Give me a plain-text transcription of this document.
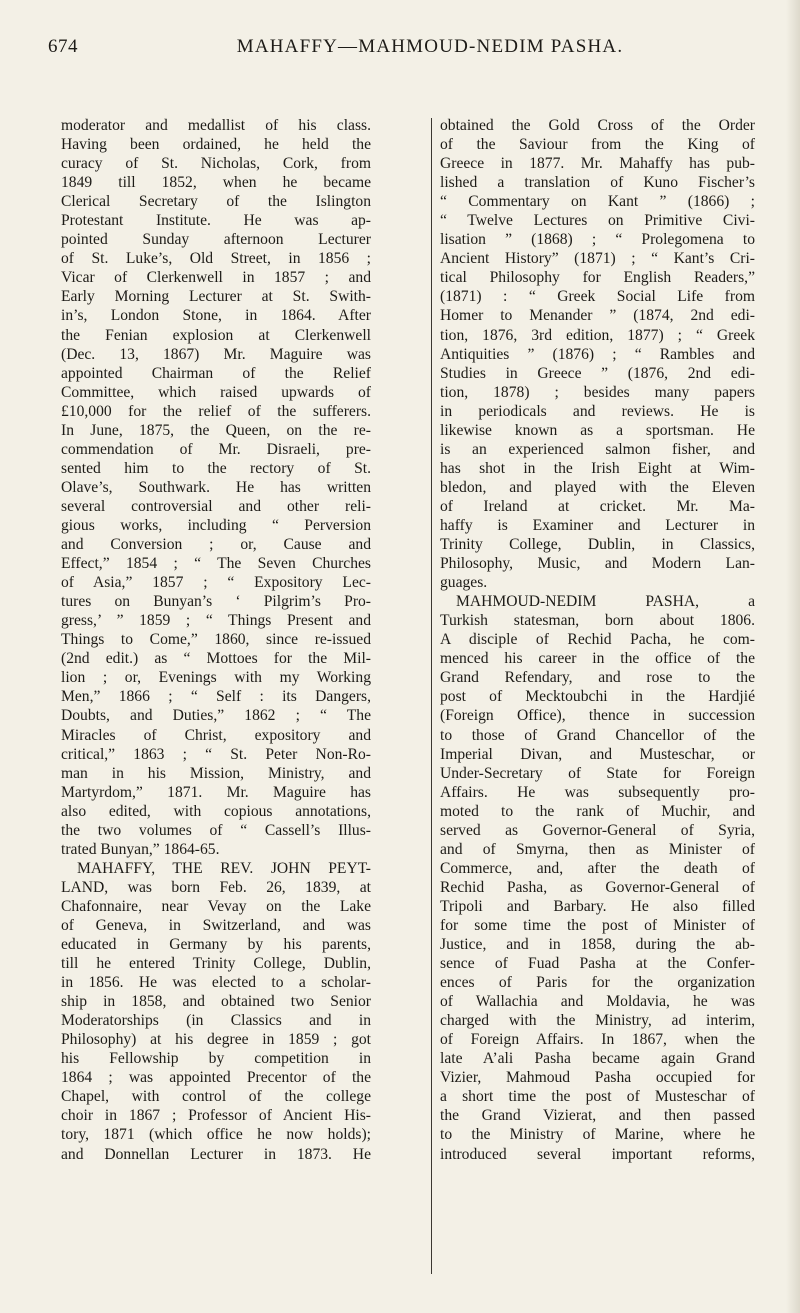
674	MAHAFFY—MAHMOUD-NEDIM PASHA.
moderator and medallist of his class.
Having been ordained, he held the
curacy of St. Nicholas, Cork, from
1849 till 1852, when he became
Clerical Secretary of the Islington
Protestant Institute. He was ap-
pointed Sunday afternoon Lecturer
of St. Luke’s, Old Street, in 1856 ;
Vicar of Clerkenwell in 1857 ; and
Early Morning Lecturer at St. Swith-
in’s, London Stone, in 1864. After
the Fenian explosion at Clerkenwell
(Dec. 13, 1867) Mr. Maguire was
appointed Chairman of the Relief
Committee, which raised upwards of
£10,000 for the relief of the sufferers.
In June, 1875, the Queen, on the re-
commendation of Mr. Disraeli, pre-
sented him to the rectory of St.
Olave’s, Southwark. He has written
several controversial and other reli-
gious works, including “ Perversion
and Conversion ; or, Cause and
Effect,” 1854 ; “ The Seven Churches
of Asia,” 1857 ; “ Expository Lec-
tures on Bunyan’s ‘ Pilgrim’s Pro-
gress,’ ” 1859 ; “ Things Present and
Things to Come,” 1860, since re-issued
(2nd edit.) as “ Mottoes for the Mil-
lion ; or, Evenings with my Working
Men,” 1866 ; “ Self : its Dangers,
Doubts, and Duties,” 1862 ; “ The
Miracles of Christ, expository and
critical,” 1863 ; “ St. Peter Non-Ro-
man in his Mission, Ministry, and
Martyrdom,” 1871. Mr. Maguire has
also edited, with copious annotations,
the two volumes of “ Cassell’s Illus-
trated Bunyan,” 1864-65.
MAHAFFY, THE REV. JOHN PEYT-
LAND, was born Feb. 26, 1839, at
Chafonnaire, near Vevay on the Lake
of Geneva, in Switzerland, and was
educated in Germany by his parents,
till he entered Trinity College, Dublin,
in 1856. He was elected to a scholar-
ship in 1858, and obtained two Senior
Moderatorships (in Classics and in
Philosophy) at his degree in 1859 ; got
his Fellowship by competition in
1864 ; was appointed Precentor of the
Chapel, with control of the college
choir in 1867 ; Professor of Ancient His-
tory, 1871 (which office he now holds);
and Donnellan Lecturer in 1873. He
obtained the Gold Cross of the Order
of the Saviour from the King of
Greece in 1877. Mr. Mahaffy has pub-
lished a translation of Kuno Fischer’s
“ Commentary on Kant ” (1866) ;
“ Twelve Lectures on Primitive Civi-
lisation ” (1868) ; “ Prolegomena to
Ancient History” (1871) ; “ Kant’s Cri-
tical Philosophy for English Readers,”
(1871) : “ Greek Social Life from
Homer to Menander ” (1874, 2nd edi-
tion, 1876, 3rd edition, 1877) ; “ Greek
Antiquities ” (1876) ; “ Rambles and
Studies in Greece ” (1876, 2nd edi-
tion, 1878) ; besides many papers
in periodicals and reviews. He is
likewise known as a sportsman. He
is an experienced salmon fisher, and
has shot in the Irish Eight at Wim-
bledon, and played with the Eleven
of Ireland at cricket. Mr. Ma-
haffy is Examiner and Lecturer in
Trinity College, Dublin, in Classics,
Philosophy, Music, and Modern Lan-
guages.
MAHMOUD-NEDIM PASHA, a
Turkish statesman, born about 1806.
A disciple of Rechid Pacha, he com-
menced his career in the office of the
Grand Refendary, and rose to the
post of Mecktoubchi in the Hardjié
(Foreign Office), thence in succession
to those of Grand Chancellor of the
Imperial Divan, and Musteschar, or
Under-Secretary of State for Foreign
Affairs. He was subsequently pro-
moted to the rank of Muchir, and
served as Governor-General of Syria,
and of Smyrna, then as Minister of
Commerce, and, after the death of
Rechid Pasha, as Governor-General of
Tripoli and Barbary. He also filled
for some time the post of Minister of
Justice, and in 1858, during the ab-
sence of Fuad Pasha at the Confer-
ences of Paris for the organization
of Wallachia and Moldavia, he was
charged with the Ministry, ad interim,
of Foreign Affairs. In 1867, when the
late A’ali Pasha became again Grand
Vizier, Mahmoud Pasha occupied for
a short time the post of Musteschar of
the Grand Vizierat, and then passed
to the Ministry of Marine, where he
introduced several important reforms,
